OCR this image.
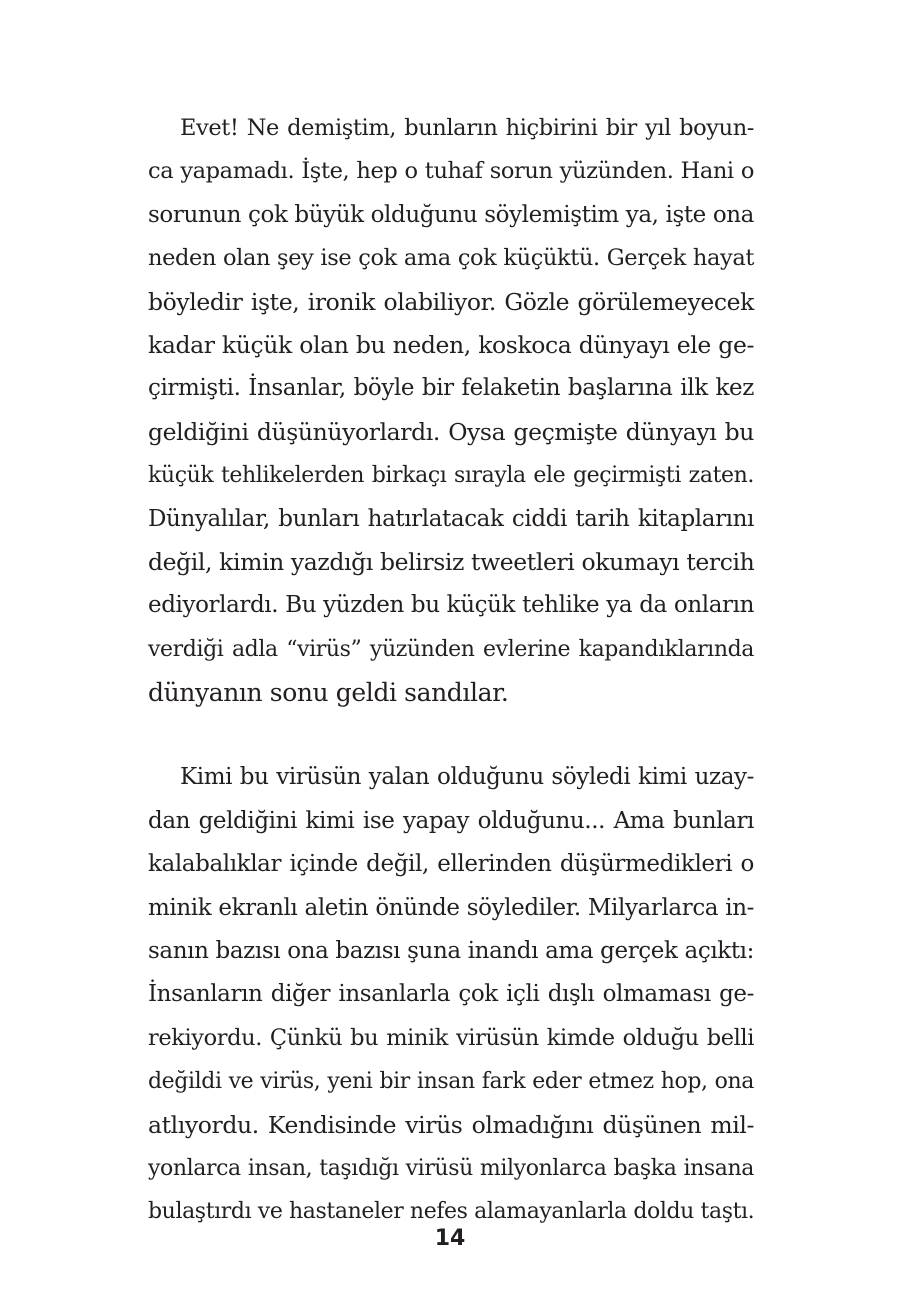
Evet! Ne demiştim, bunların hiçbirini bir yıl boyun-
ca yapamadı. İşte, hep o tuhaf sorun yüzünden. Hani o
sorunun çok büyük olduğunu söylemiştim ya, işte ona
neden olan şey ise çok ama çok küçüktü. Gerçek hayat
böyledir işte, ironik olabiliyor. Gözle görülemeyecek
kadar küçük olan bu neden, koskoca dünyayı ele ge-
çirmişti. İnsanlar, böyle bir felaketin başlarına ilk kez
geldiğini düşünüyorlardı. Oysa geçmişte dünyayı bu
küçük tehlikelerden birkaçı sırayla ele geçirmişti zaten.
Dünyalılar, bunları hatırlatacak ciddi tarih kitaplarını
değil, kimin yazdığı belirsiz tweetleri okumayı tercih
ediyorlardı. Bu yüzden bu küçük tehlike ya da onların
verdiği adla “virüs” yüzünden evlerine kapandıklarında
dünyanın sonu geldi sandılar.
Kimi bu virüsün yalan olduğunu söyledi kimi uzay-
dan geldiğini kimi ise yapay olduğunu... Ama bunları
kalabalıklar içinde değil, ellerinden düşürmedikleri o
minik ekranlı aletin önünde söylediler. Milyarlarca in-
sanın bazısı ona bazısı şuna inandı ama gerçek açıktı:
İnsanların diğer insanlarla çok içli dışlı olmaması ge-
rekiyordu. Çünkü bu minik virüsün kimde olduğu belli
değildi ve virüs, yeni bir insan fark eder etmez hop, ona
atlıyordu. Kendisinde virüs olmadığını düşünen mil-
yonlarca insan, taşıdığı virüsü milyonlarca başka insana
bulaştırdı ve hastaneler nefes alamayanlarla doldu taştı.
14
